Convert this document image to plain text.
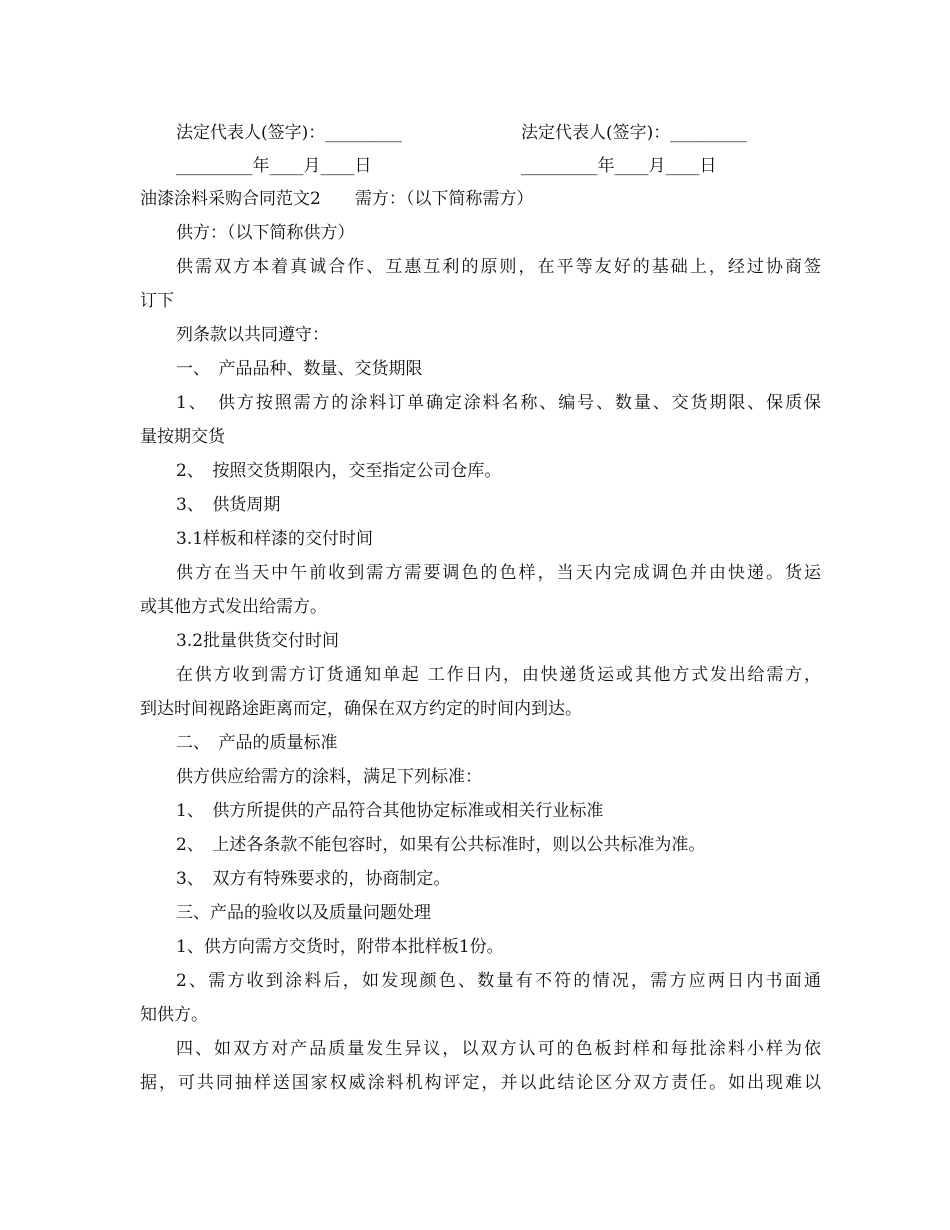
法定代表人(签字)：_________	法定代表人(签字)：_________
_________年____月____日	_________年____月____日
油漆涂料采购合同范文2　　需方：（以下简称需方）
供方：（以下简称供方）
供需双方本着真诚合作、互惠互利的原则，在平等友好的基础上，经过协商签
订下
列条款以共同遵守：
一、　产品品种、数量、交货期限
1、　供方按照需方的涂料订单确定涂料名称、编号、数量、交货期限、保质保
量按期交货
2、　按照交货期限内，交至指定公司仓库。
3、　供货周期
3.1样板和样漆的交付时间
供方在当天中午前收到需方需要调色的色样，当天内完成调色并由快递。货运
或其他方式发出给需方。
3.2批量供货交付时间
在供方收到需方订货通知单起 工作日内，由快递货运或其他方式发出给需方，
到达时间视路途距离而定，确保在双方约定的时间内到达。
二、　产品的质量标准
供方供应给需方的涂料，满足下列标准：
1、　供方所提供的产品符合其他协定标准或相关行业标准
2、　上述各条款不能包容时，如果有公共标准时，则以公共标准为准。
3、　双方有特殊要求的，协商制定。
三、产品的验收以及质量问题处理
1、供方向需方交货时，附带本批样板1份。
2、需方收到涂料后，如发现颜色、数量有不符的情况，需方应两日内书面通
知供方。
四、如双方对产品质量发生异议，以双方认可的色板封样和每批涂料小样为依
据，可共同抽样送国家权威涂料机构评定，并以此结论区分双方责任。如出现难以
